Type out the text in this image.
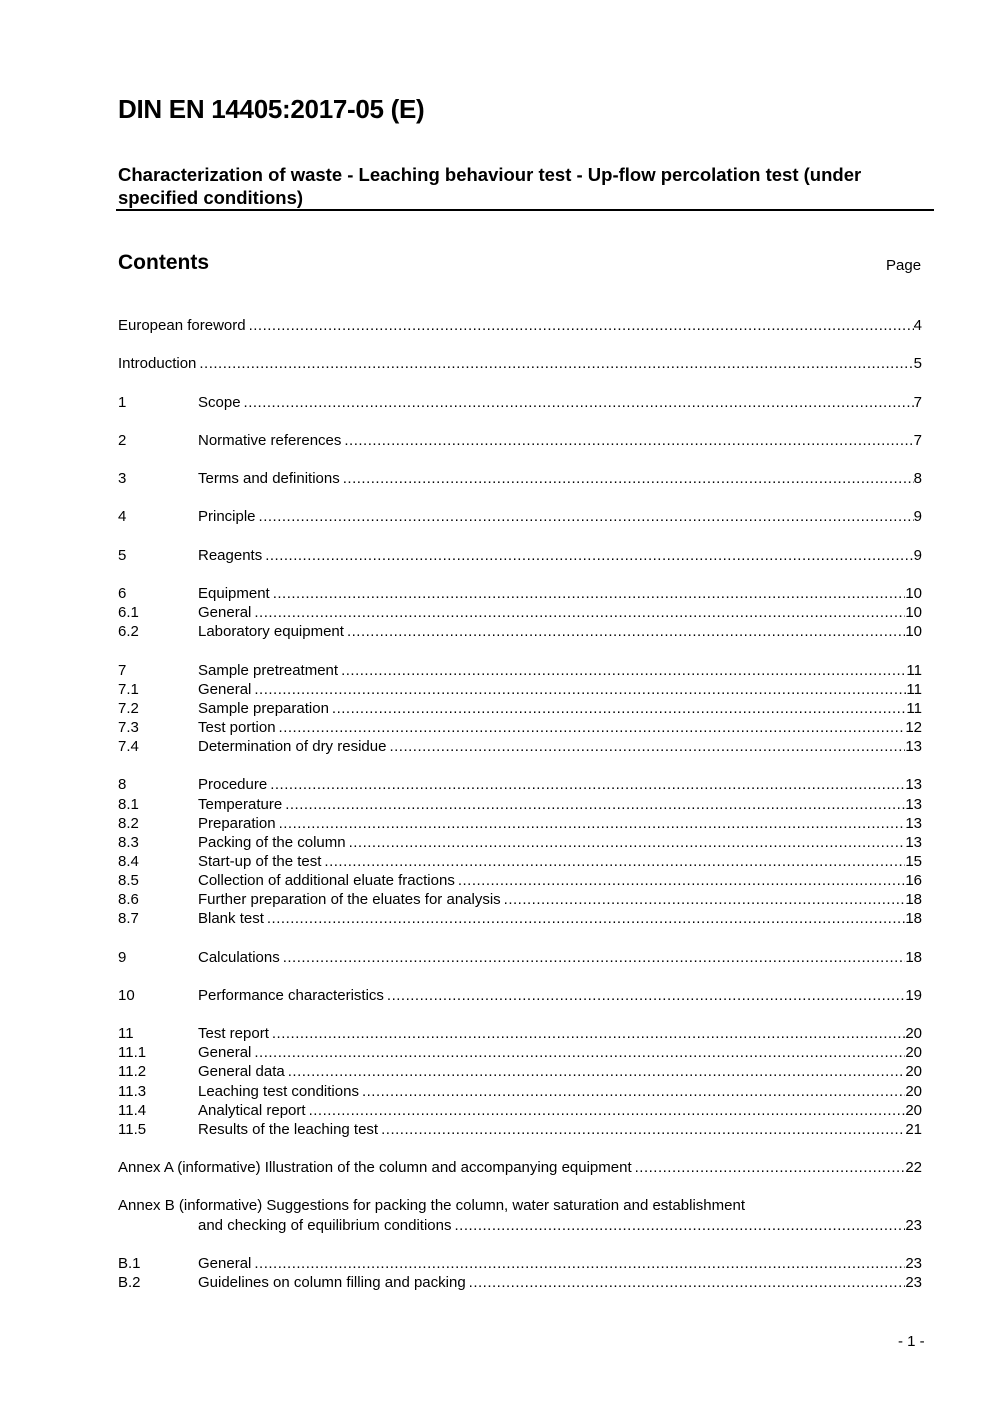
DIN EN 14405:2017-05 (E)
Characterization of waste - Leaching behaviour test - Up-flow percolation test (under specified conditions)
Contents	Page
European foreword .....	4
Introduction .....	5
1	Scope .....	7
2	Normative references .....	7
3	Terms and definitions .....	8
4	Principle .....	9
5	Reagents .....	9
6	Equipment .....	10
6.1	General .....	10
6.2	Laboratory equipment .....	10
7	Sample pretreatment .....	11
7.1	General .....	11
7.2	Sample preparation .....	11
7.3	Test portion .....	12
7.4	Determination of dry residue .....	13
8	Procedure .....	13
8.1	Temperature .....	13
8.2	Preparation .....	13
8.3	Packing of the column .....	13
8.4	Start-up of the test .....	15
8.5	Collection of additional eluate fractions .....	16
8.6	Further preparation of the eluates for analysis .....	18
8.7	Blank test .....	18
9	Calculations .....	18
10	Performance characteristics .....	19
11	Test report .....	20
11.1	General .....	20
11.2	General data .....	20
11.3	Leaching test conditions .....	20
11.4	Analytical report .....	20
11.5	Results of the leaching test .....	21
Annex A (informative) Illustration of the column and accompanying equipment .....	22
Annex B (informative) Suggestions for packing the column, water saturation and establishment
and checking of equilibrium conditions .....	23
B.1	General .....	23
B.2	Guidelines on column filling and packing .....	23
- 1 -
